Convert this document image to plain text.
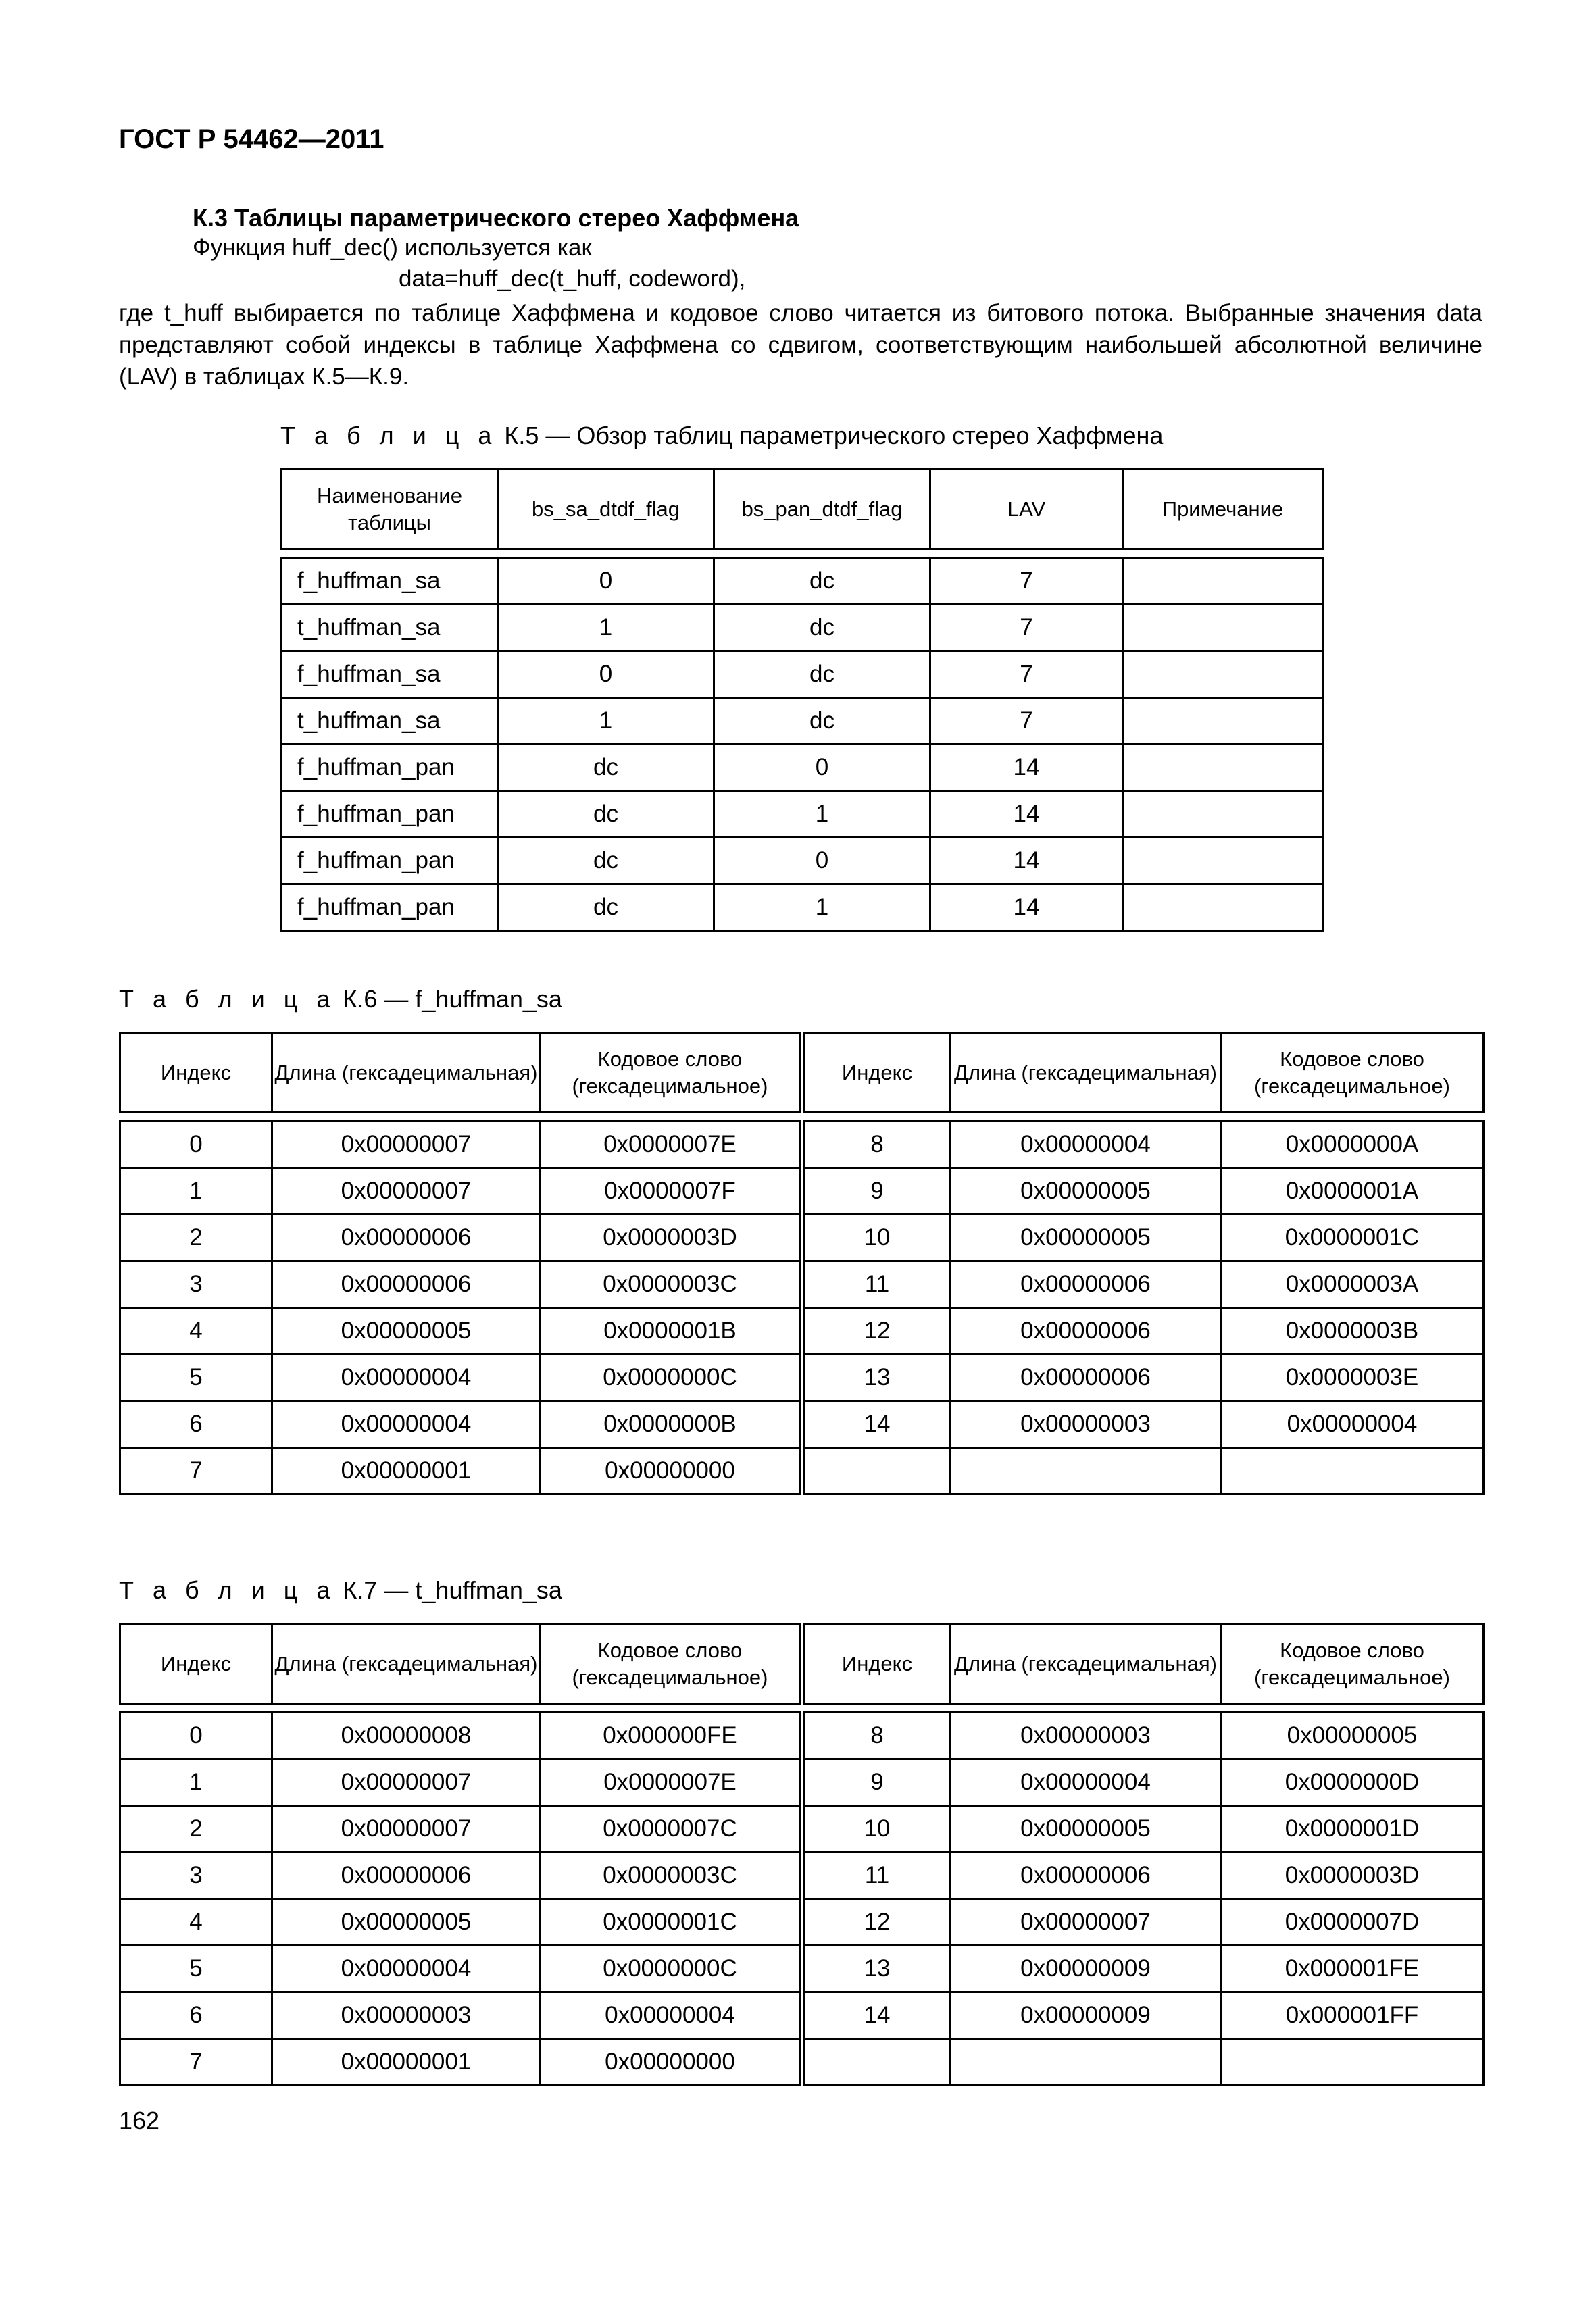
ГОСТ Р 54462—2011
К.3 Таблицы параметрического стерео Хаффмена
Функция huff_dec() используется как
data=huff_dec(t_huff, codeword),

где t_huff выбирается по таблице Хаффмена и кодовое слово читается из битового потока. Выбранные значения data представляют собой индексы в таблице Хаффмена со сдвигом, соответствующим наибольшей абсолютной величине (LAV) в таблицах К.5—К.9.

Т а б л и ц а К.5 — Обзор таблиц параметрического стерео Хаффмена
Наименование таблицы	bs_sa_dtdf_flag	bs_pan_dtdf_flag	LAV	Примечание

f_huffman_sa	0	dc	7	
t_huffman_sa	1	dc	7	
f_huffman_sa	0	dc	7	
t_huffman_sa	1	dc	7	
f_huffman_pan	dc	0	14	
f_huffman_pan	dc	1	14	
f_huffman_pan	dc	0	14	
f_huffman_pan	dc	1	14	
Т а б л и ц а К.6 — f_huffman_sa
Индекс	Длина (гексадецимальная)	Кодовое слово (гексадецимальное)	Индекс	Длина (гексадецимальная)	Кодовое слово (гексадецимальное)

0	0x00000007	0x0000007E	8	0x00000004	0x0000000A
1	0x00000007	0x0000007F	9	0x00000005	0x0000001A
2	0x00000006	0x0000003D	10	0x00000005	0x0000001C
3	0x00000006	0x0000003C	11	0x00000006	0x0000003A
4	0x00000005	0x0000001B	12	0x00000006	0x0000003B
5	0x00000004	0x0000000C	13	0x00000006	0x0000003E
6	0x00000004	0x0000000B	14	0x00000003	0x00000004
7	0x00000001	0x00000000			
Т а б л и ц а К.7 — t_huffman_sa
Индекс	Длина (гексадецимальная)	Кодовое слово (гексадецимальное)	Индекс	Длина (гексадецимальная)	Кодовое слово (гексадецимальное)

0	0x00000008	0x000000FE	8	0x00000003	0x00000005
1	0x00000007	0x0000007E	9	0x00000004	0x0000000D
2	0x00000007	0x0000007C	10	0x00000005	0x0000001D
3	0x00000006	0x0000003C	11	0x00000006	0x0000003D
4	0x00000005	0x0000001C	12	0x00000007	0x0000007D
5	0x00000004	0x0000000C	13	0x00000009	0x000001FE
6	0x00000003	0x00000004	14	0x00000009	0x000001FF
7	0x00000001	0x00000000			
162
